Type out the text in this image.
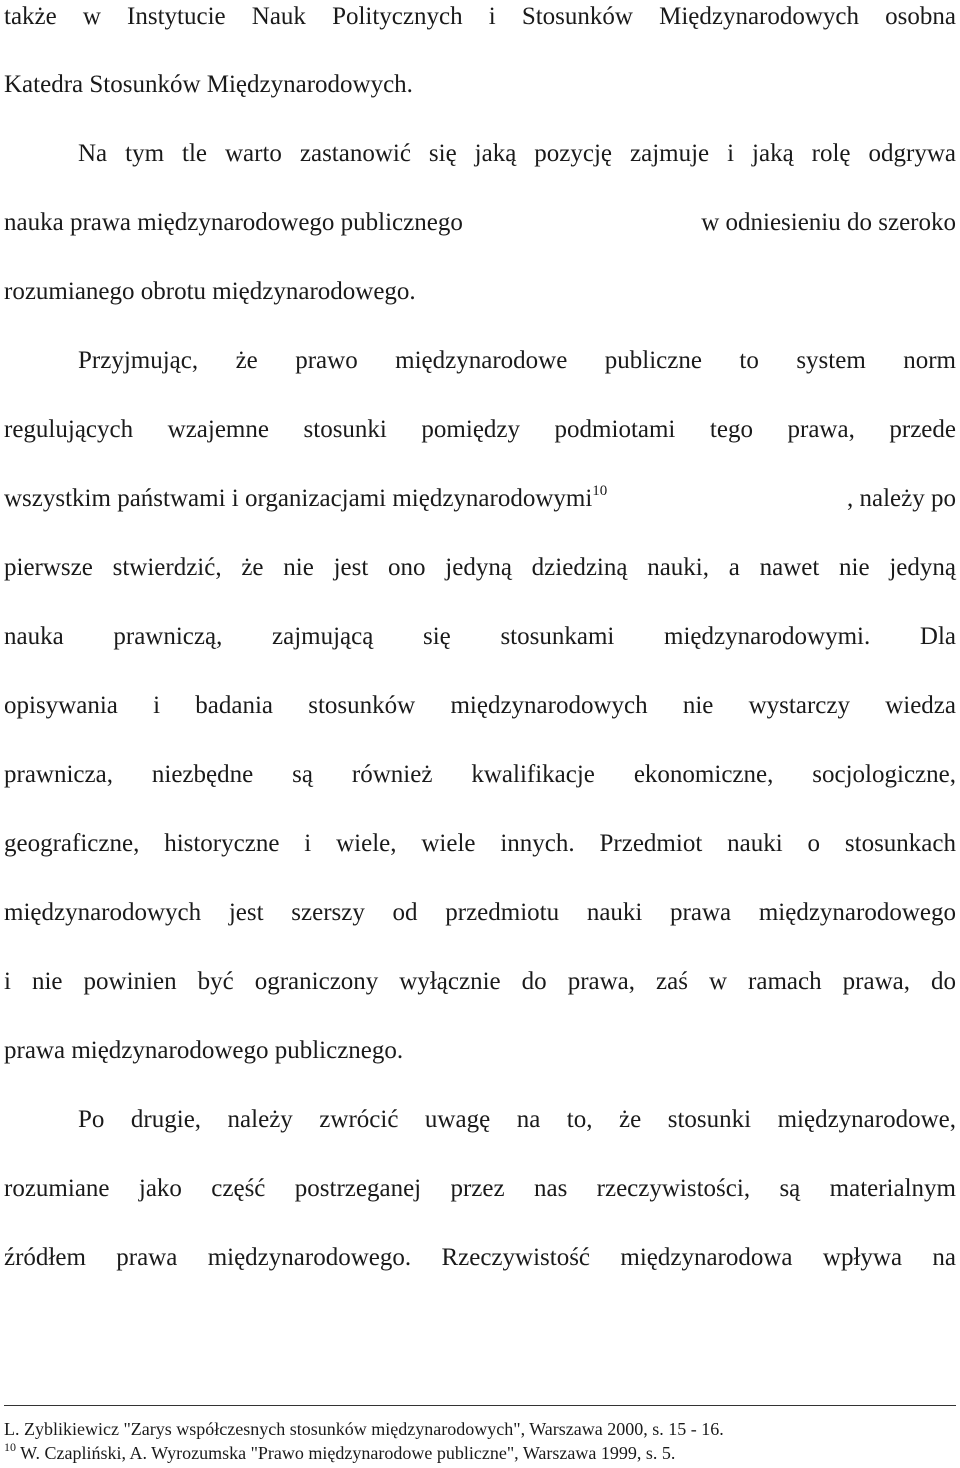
także w Instytucie Nauk Politycznych i Stosunków Międzynarodowych osobna
Katedra Stosunków Międzynarodowych.
Na tym tle warto zastanowić się jaką pozycję zajmuje i jaką rolę odgrywa
nauka prawa międzynarodowego publicznego	w odniesieniu do szeroko
rozumianego obrotu międzynarodowego.
Przyjmując, że prawo międzynarodowe publiczne to system norm
regulujących wzajemne stosunki pomiędzy podmiotami tego prawa, przede
wszystkim państwami i organizacjami międzynarodowymi$^{10}$	, należy po
pierwsze stwierdzić, że nie jest ono jedyną dziedziną nauki, a nawet nie jedyną
nauka prawniczą, zajmującą się stosunkami międzynarodowymi. Dla
opisywania i badania stosunków międzynarodowych nie wystarczy wiedza
prawnicza, niezbędne są również kwalifikacje ekonomiczne, socjologiczne,
geograficzne, historyczne i wiele, wiele innych. Przedmiot nauki o stosunkach
międzynarodowych jest szerszy od przedmiotu nauki prawa międzynarodowego
i nie powinien być ograniczony wyłącznie do prawa, zaś w ramach prawa, do
prawa międzynarodowego publicznego.
Po drugie, należy zwrócić uwagę na to, że stosunki międzynarodowe,
rozumiane jako część postrzeganej przez nas rzeczywistości, są materialnym
źródłem prawa międzynarodowego. Rzeczywistość międzynarodowa wpływa na
L. Zyblikiewicz "Zarys współczesnych stosunków międzynarodowych", Warszawa 2000, s. 15 - 16.
$^{10}$ W. Czapliński, A. Wyrozumska "Prawo międzynarodowe publiczne", Warszawa 1999, s. 5.
